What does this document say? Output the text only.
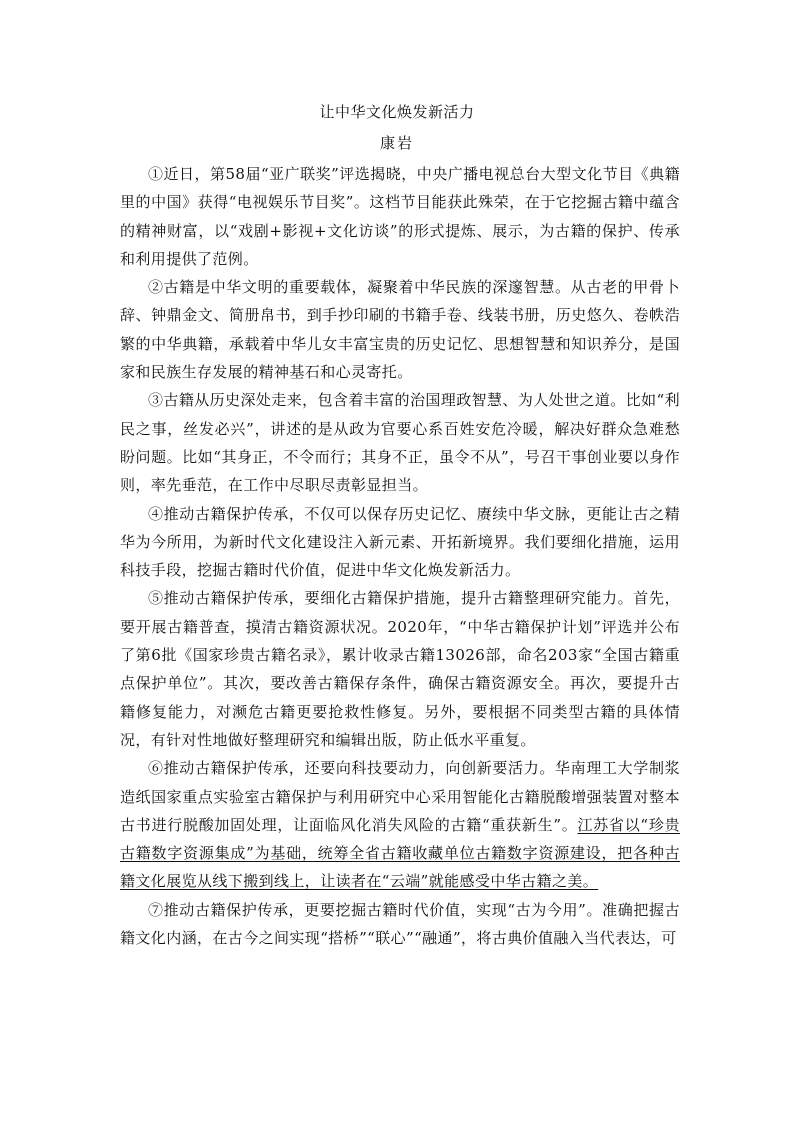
让中华文化焕发新活力
康岩

①近日，第58届“亚广联奖”评选揭晓，中央广播电视总台大型文化节目《典籍里的中国》获得“电视娱乐节目奖”。这档节目能获此殊荣，在于它挖掘古籍中蕴含的精神财富，以“戏剧+影视+文化访谈”的形式提炼、展示，为古籍的保护、传承和利用提供了范例。

②古籍是中华文明的重要载体，凝聚着中华民族的深邃智慧。从古老的甲骨卜辞、钟鼎金文、简册帛书，到手抄印刷的书籍手卷、线装书册，历史悠久、卷帙浩繁的中华典籍，承载着中华儿女丰富宝贵的历史记忆、思想智慧和知识养分，是国家和民族生存发展的精神基石和心灵寄托。

③古籍从历史深处走来，包含着丰富的治国理政智慧、为人处世之道。比如“利民之事，丝发必兴”，讲述的是从政为官要心系百姓安危冷暖，解决好群众急难愁盼问题。比如“其身正，不令而行；其身不正，虽令不从”，号召干事创业要以身作则，率先垂范，在工作中尽职尽责彰显担当。

④推动古籍保护传承，不仅可以保存历史记忆、赓续中华文脉，更能让古之精华为今所用，为新时代文化建设注入新元素、开拓新境界。我们要细化措施，运用科技手段，挖掘古籍时代价值，促进中华文化焕发新活力。

⑤推动古籍保护传承，要细化古籍保护措施，提升古籍整理研究能力。首先，要开展古籍普查，摸清古籍资源状况。2020年，“中华古籍保护计划”评选并公布了第6批《国家珍贵古籍名录》，累计收录古籍13026部，命名203家“全国古籍重点保护单位”。其次，要改善古籍保存条件，确保古籍资源安全。再次，要提升古籍修复能力，对濒危古籍更要抢救性修复。另外，要根据不同类型古籍的具体情况，有针对性地做好整理研究和编辑出版，防止低水平重复。

⑥推动古籍保护传承，还要向科技要动力，向创新要活力。华南理工大学制浆造纸国家重点实验室古籍保护与利用研究中心采用智能化古籍脱酸增强装置对整本古书进行脱酸加固处理，让面临风化消失风险的古籍“重获新生”。江苏省以“珍贵古籍数字资源集成”为基础，统筹全省古籍收藏单位古籍数字资源建设，把各种古籍文化展览从线下搬到线上，让读者在“云端”就能感受中华古籍之美。

⑦推动古籍保护传承，更要挖掘古籍时代价值，实现“古为今用”。准确把握古籍文化内涵，在古今之间实现“搭桥”“联心”“融通”，将古典价值融入当代表达，可
